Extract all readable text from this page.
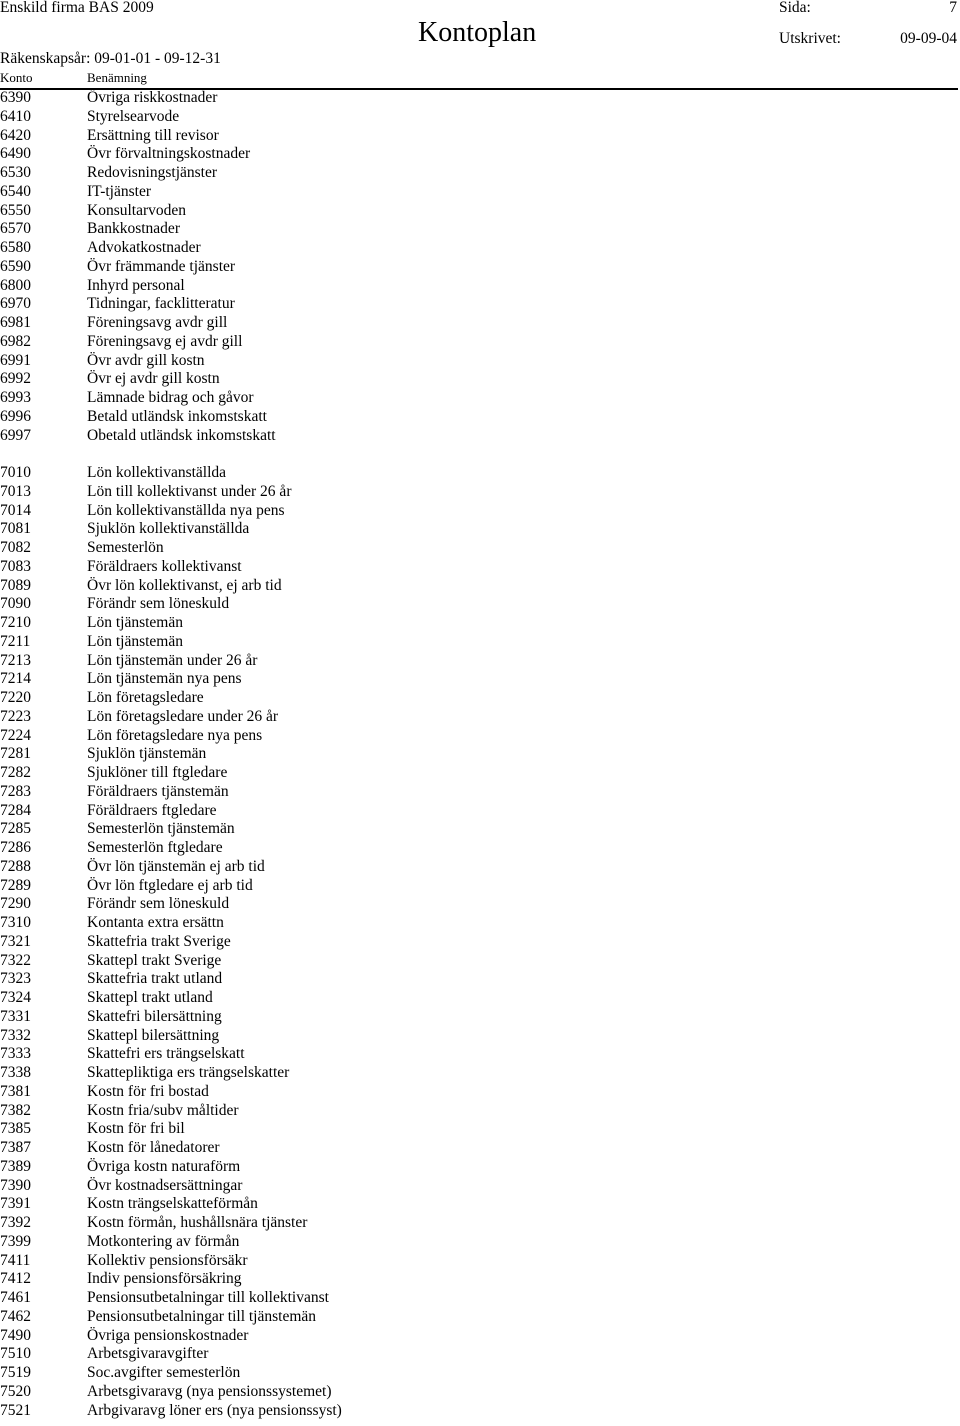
Enskild firma BAS 2009	Sida:	7
Kontoplan	Utskrivet:	09-09-04
Räkenskapsår: 09-01-01 - 09-12-31
Konto	Benämning
6390	Övriga riskkostnader
6410	Styrelsearvode
6420	Ersättning till revisor
6490	Övr förvaltningskostnader
6530	Redovisningstjänster
6540	IT-tjänster
6550	Konsultarvoden
6570	Bankkostnader
6580	Advokatkostnader
6590	Övr främmande tjänster
6800	Inhyrd personal
6970	Tidningar, facklitteratur
6981	Föreningsavg avdr gill
6982	Föreningsavg ej avdr gill
6991	Övr avdr gill kostn
6992	Övr ej avdr gill kostn
6993	Lämnade bidrag och gåvor
6996	Betald utländsk inkomstskatt
6997	Obetald utländsk inkomstskatt
7010	Lön kollektivanställda
7013	Lön till kollektivanst under 26 år
7014	Lön kollektivanställda nya pens
7081	Sjuklön kollektivanställda
7082	Semesterlön
7083	Föräldraers kollektivanst
7089	Övr lön kollektivanst, ej arb tid
7090	Förändr sem löneskuld
7210	Lön tjänstemän
7211	Lön tjänstemän
7213	Lön tjänstemän under 26 år
7214	Lön tjänstemän nya pens
7220	Lön företagsledare
7223	Lön företagsledare under 26 år
7224	Lön företagsledare nya pens
7281	Sjuklön tjänstemän
7282	Sjuklöner till ftgledare
7283	Föräldraers tjänstemän
7284	Föräldraers ftgledare
7285	Semesterlön tjänstemän
7286	Semesterlön ftgledare
7288	Övr lön tjänstemän ej arb tid
7289	Övr lön ftgledare ej arb tid
7290	Förändr sem löneskuld
7310	Kontanta extra ersättn
7321	Skattefria trakt Sverige
7322	Skattepl trakt Sverige
7323	Skattefria trakt utland
7324	Skattepl trakt utland
7331	Skattefri bilersättning
7332	Skattepl bilersättning
7333	Skattefri ers trängselskatt
7338	Skattepliktiga ers trängselskatter
7381	Kostn för fri bostad
7382	Kostn fria/subv måltider
7385	Kostn för fri bil
7387	Kostn för lånedatorer
7389	Övriga kostn naturaförm
7390	Övr kostnadsersättningar
7391	Kostn trängselskatteförmån
7392	Kostn förmån, hushållsnära tjänster
7399	Motkontering av förmån
7411	Kollektiv pensionsförsäkr
7412	Indiv pensionsförsäkring
7461	Pensionsutbetalningar till kollektivanst
7462	Pensionsutbetalningar till tjänstemän
7490	Övriga pensionskostnader
7510	Arbetsgivaravgifter
7519	Soc.avgifter semesterlön
7520	Arbetsgivaravg (nya pensionssystemet)
7521	Arbgivaravg löner ers (nya pensionssyst)
